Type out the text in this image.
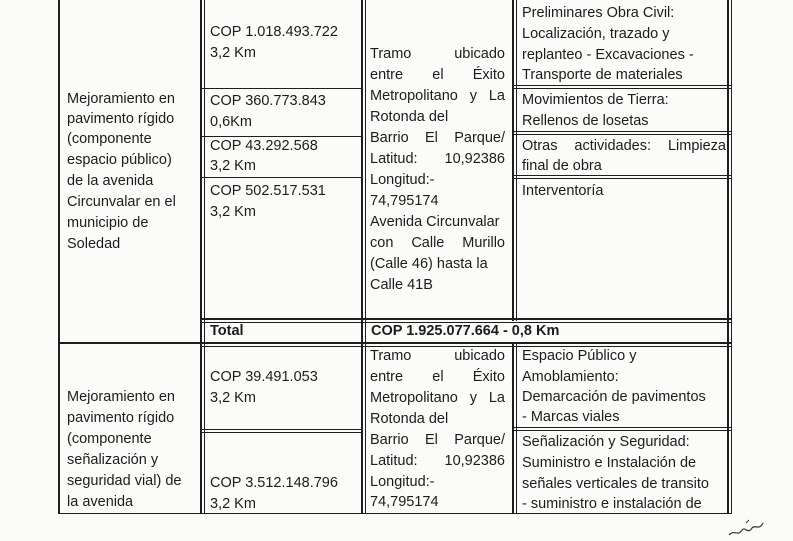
Mejoramiento en
pavimento rígido
(componente
espacio público)
de la avenida
Circunvalar en el
municipio de
Soledad
COP 1.018.493.722
3,2 Km
COP 360.773.843
0,6Km
COP 43.292.568
3,2 Km
COP 502.517.531
3,2 Km
Tramo ubicado
entre el Éxito
Metropolitano y La
Rotonda del
Barrio El Parque/
Latitud: 10,92386
Longitud:-
74,795174
Avenida Circunvalar
con Calle Murillo
(Calle 46) hasta la
Calle 41B
Preliminares Obra Civil:
Localización, trazado y
replanteo - Excavaciones -
Transporte de materiales
Movimientos de Tierra:
Rellenos de losetas
Otras actividades: Limpieza
final de obra
Interventoría
Total	COP 1.925.077.664 - 0,8 Km
Mejoramiento en
pavimento rígido
(componente
señalización y
seguridad vial) de
la avenida
COP 39.491.053
3,2 Km
COP 3.512.148.796
3,2 Km
Tramo ubicado
entre el Éxito
Metropolitano y La
Rotonda del
Barrio El Parque/
Latitud: 10,92386
Longitud:-
74,795174
Espacio Público y
Amoblamiento:
Demarcación de pavimentos
- Marcas viales
Señalización y Seguridad:
Suministro e Instalación de
señales verticales de transito
- suministro e instalación de
